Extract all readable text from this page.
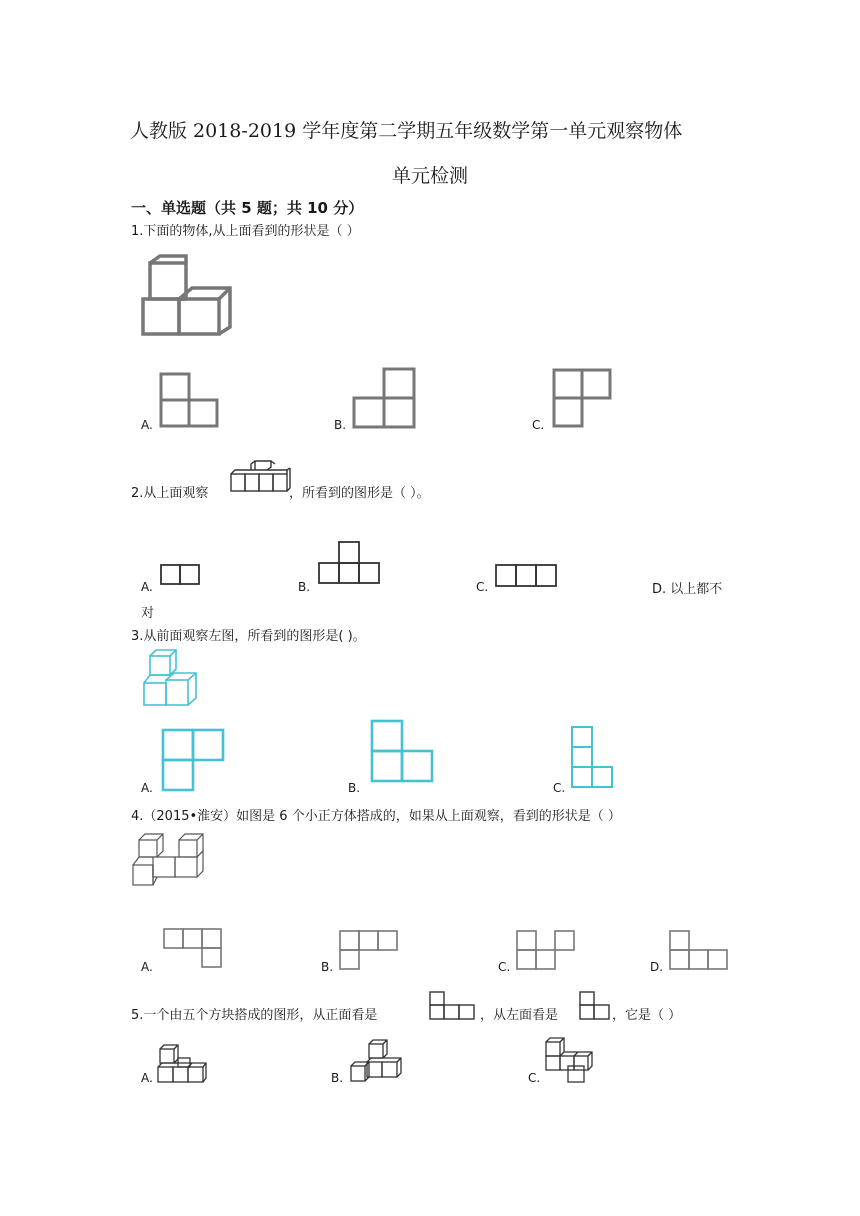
人教版 2018-2019 学年度第二学期五年级数学第一单元观察物体
单元检测
一、单选题（共 5 题；共 10 分）
1.下面的物体,从上面看到的形状是（ ）
A.	B.	C.
2.从上面观察	，所看到的图形是（ ）。
A.	B.	C.	D. 以上都不
对
3.从前面观察左图，所看到的图形是( )。
A.	B.	C.
4.（2015•淮安）如图是 6 个小正方体搭成的，如果从上面观察，看到的形状是（ ）
A.	B.	C.	D.
5.一个由五个方块搭成的图形，从正面看是	，从左面看是	，它是（ ）
A.	B.	C.
